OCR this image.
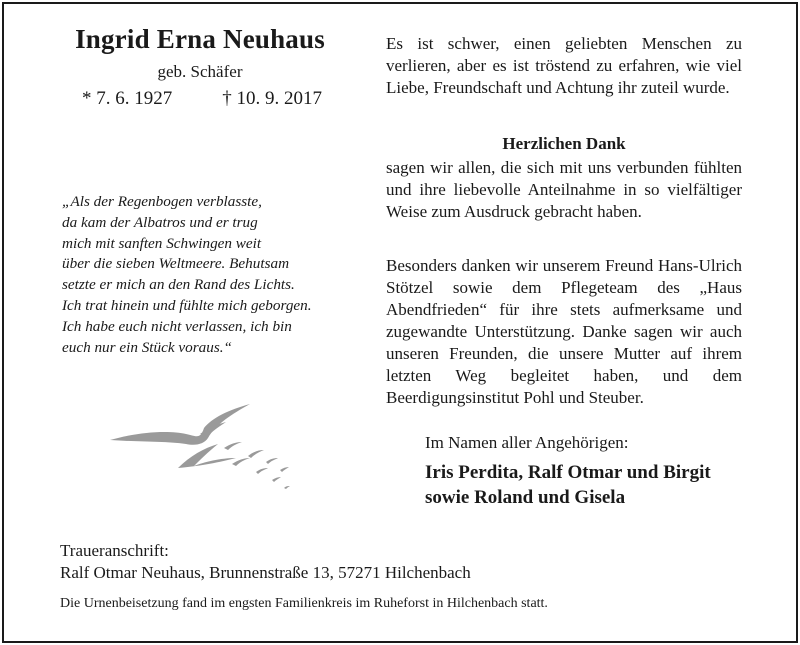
Ingrid Erna Neuhaus
geb. Schäfer
* 7. 6. 1927	† 10. 9. 2017
„Als der Regenbogen verblasste,
da kam der Albatros und er trug
mich mit sanften Schwingen weit
über die sieben Weltmeere. Behutsam
setzte er mich an den Rand des Lichts.
Ich trat hinein und fühlte mich geborgen.
Ich habe euch nicht verlassen, ich bin
euch nur ein Stück voraus.“
Es ist schwer, einen geliebten Menschen zu verlieren, aber es ist tröstend zu erfahren, wie viel Liebe, Freundschaft und Achtung ihr zuteil wurde.
Herzlichen Dank
sagen wir allen, die sich mit uns verbunden fühlten und ihre liebevolle Anteilnahme in so vielfältiger Weise zum Ausdruck gebracht haben.
Besonders danken wir unserem Freund Hans-Ulrich Stötzel sowie dem Pflegeteam des „Haus Abendfrieden“ für ihre stets aufmerksame und zugewandte Unterstützung. Danke sagen wir auch unseren Freunden, die unsere Mutter auf ihrem letzten Weg begleitet haben, und dem Beerdigungsinstitut Pohl und Steuber.
Im Namen aller Angehörigen:
Iris Perdita, Ralf Otmar und Birgit
sowie Roland und Gisela
Traueranschrift:
Ralf Otmar Neuhaus, Brunnenstraße 13, 57271 Hilchenbach
Die Urnenbeisetzung fand im engsten Familienkreis im Ruheforst in Hilchenbach statt.
